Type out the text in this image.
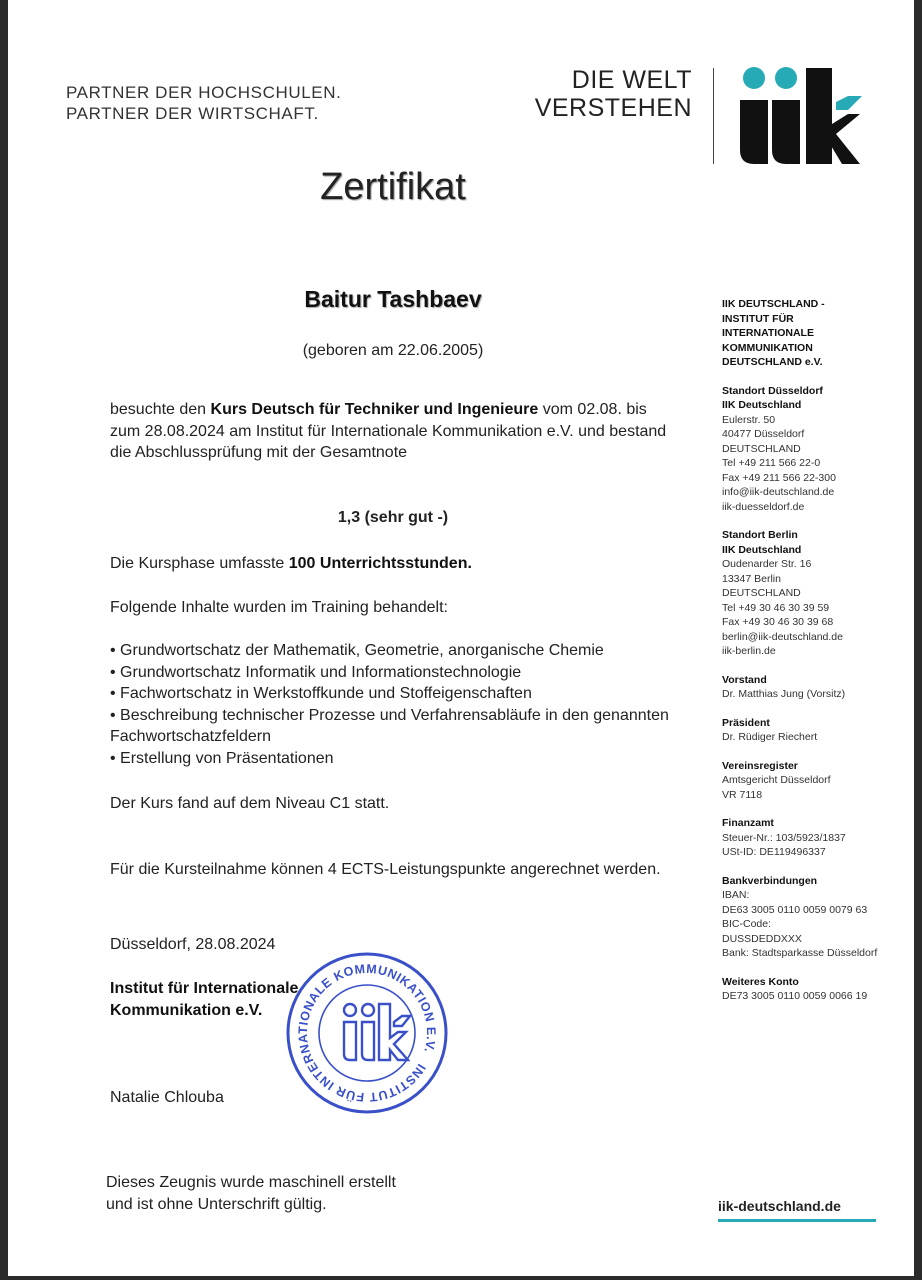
PARTNER DER HOCHSCHULEN.
PARTNER DER WIRTSCHAFT.
DIE WELT
VERSTEHEN
iik
Zertifikat
Baitur Tashbaev
(geboren am 22.06.2005)
besuchte den Kurs Deutsch für Techniker und Ingenieure vom 02.08. bis zum 28.08.2024 am Institut für Internationale Kommunikation e.V. und bestand die Abschlussprüfung mit der Gesamtnote
1,3 (sehr gut -)
Die Kursphase umfasste 100 Unterrichtsstunden.
Folgende Inhalte wurden im Training behandelt:
• Grundwortschatz der Mathematik, Geometrie, anorganische Chemie
• Grundwortschatz Informatik und Informationstechnologie
• Fachwortschatz in Werkstoffkunde und Stoffeigenschaften
• Beschreibung technischer Prozesse und Verfahrensabläufe in den genannten Fachwortschatzfeldern
• Erstellung von Präsentationen
Der Kurs fand auf dem Niveau C1 statt.
Für die Kursteilnahme können 4 ECTS-Leistungspunkte angerechnet werden.
Düsseldorf, 28.08.2024
Institut für Internationale
Kommunikation e.V.
Natalie Chlouba
INSTITUT FÜR INTERNATIONALE KOMMUNIKATION E.V.
iik
IIK DEUTSCHLAND -
INSTITUT FÜR
INTERNATIONALE
KOMMUNIKATION
DEUTSCHLAND e.V.
Standort Düsseldorf
IIK Deutschland
Eulerstr. 50
40477 Düsseldorf
DEUTSCHLAND
Tel +49 211 566 22-0
Fax +49 211 566 22-300
info@iik-deutschland.de
iik-duesseldorf.de
Standort Berlin
IIK Deutschland
Oudenarder Str. 16
13347 Berlin
DEUTSCHLAND
Tel +49 30 46 30 39 59
Fax +49 30 46 30 39 68
berlin@iik-deutschland.de
iik-berlin.de
Vorstand
Dr. Matthias Jung (Vorsitz)
Präsident
Dr. Rüdiger Riechert
Vereinsregister
Amtsgericht Düsseldorf
VR 7118
Finanzamt
Steuer-Nr.: 103/5923/1837
USt-ID: DE119496337
Bankverbindungen
IBAN:
DE63 3005 0110 0059 0079 63
BIC-Code:
DUSSDEDDXXX
Bank: Stadtsparkasse Düsseldorf
Weiteres Konto
DE73 3005 0110 0059 0066 19
Dieses Zeugnis wurde maschinell erstellt
und ist ohne Unterschrift gültig.	iik-deutschland.de
